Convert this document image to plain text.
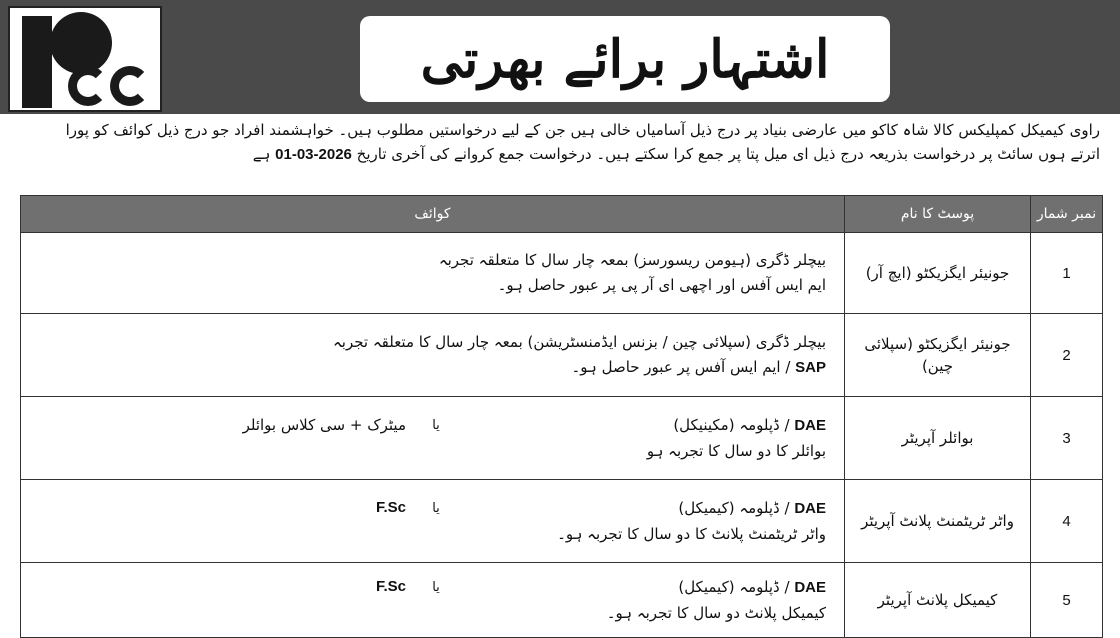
اشتہار برائے بھرتی
راوی کیمیکل کمپلیکس کالا شاہ کاکو میں عارضی بنیاد پر درج ذیل آسامیاں خالی ہیں جن کے لیے درخواستیں مطلوب ہیں۔ خواہشمند افراد جو درج ذیل کوائف کو پورا
اترتے ہوں سائٹ پر درخواست بذریعہ درج ذیل ای میل پتا پر جمع کرا سکتے ہیں۔ درخواست جمع کروانے کی آخری تاریخ 01-03-2026 ہے
نمبر شمار	پوسٹ کا نام	کوائف
1	جونیئر ایگزیکٹو (ایچ آر)	بیچلر ڈگری (ہیومن ریسورسز) بمعہ چار سال کا متعلقہ تجربہ
ایم ایس آفس اور اچھی ای آر پی پر عبور حاصل ہو۔

2	جونیئر ایگزیکٹو (سپلائی چین)	بیچلر ڈگری (سپلائی چین / بزنس ایڈمنسٹریشن) بمعہ چار سال کا متعلقہ تجربہ
SAP / ایم ایس آفس پر عبور حاصل ہو۔

3	بوائلر آپریٹر	DAE / ڈپلومہ (مکینیکل)
یا
میٹرک + سی کلاس بوائلر
بوائلر کا دو سال کا تجربہ ہو

4	واٹر ٹریٹمنٹ پلانٹ آپریٹر	DAE / ڈپلومہ (کیمیکل)
یا
F.Sc
واٹر ٹریٹمنٹ پلانٹ کا دو سال کا تجربہ ہو۔

5	کیمیکل پلانٹ آپریٹر	DAE / ڈپلومہ (کیمیکل)
یا
F.Sc
کیمیکل پلانٹ دو سال کا تجربہ ہو۔
